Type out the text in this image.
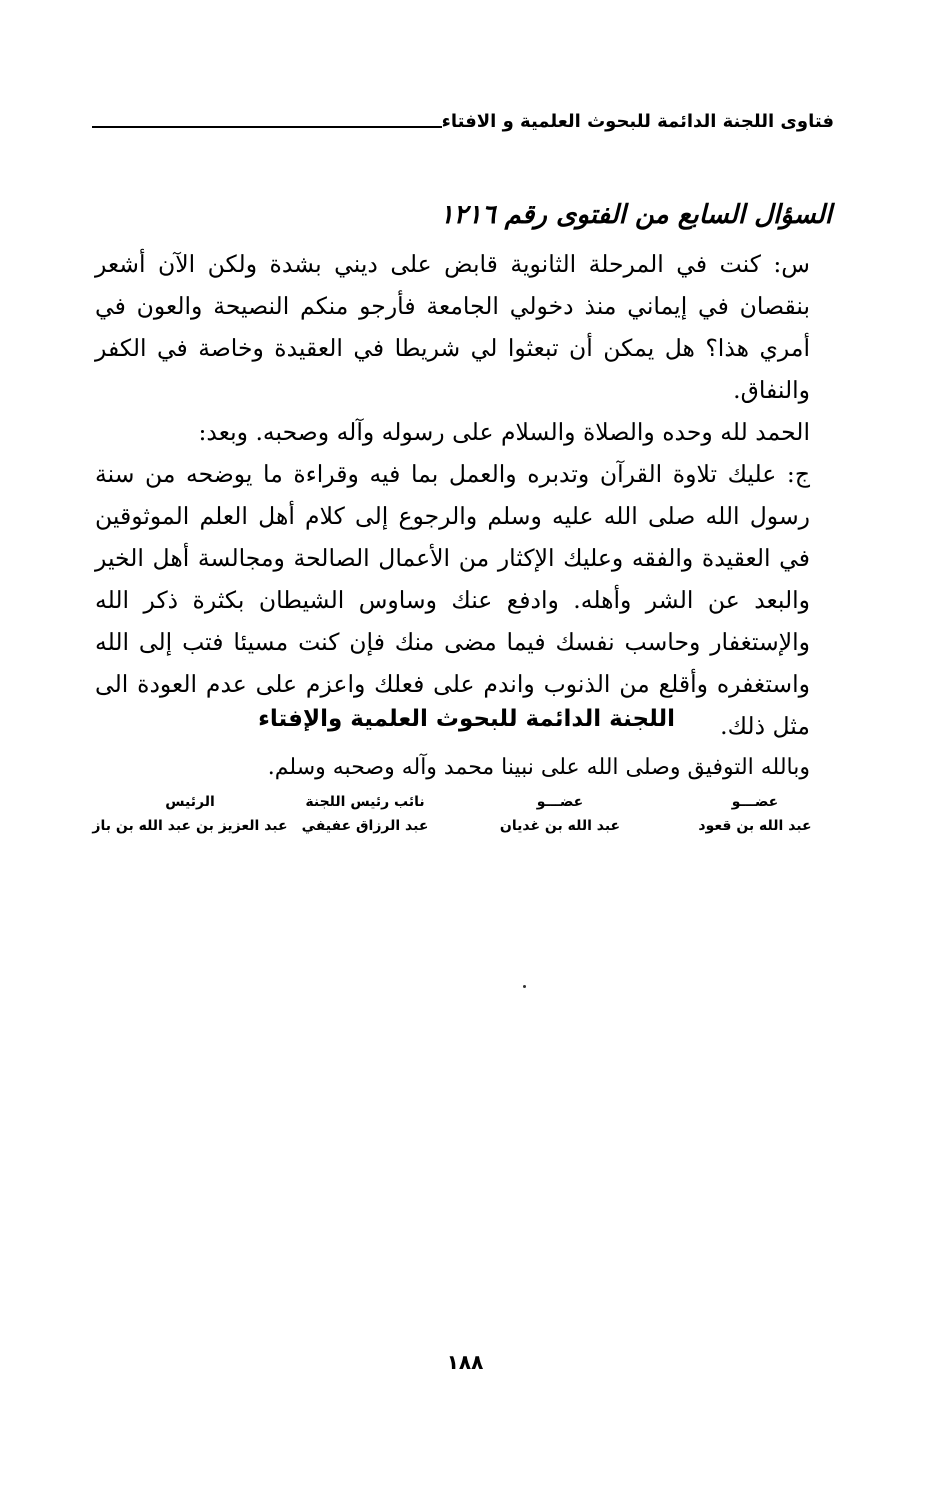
فتاوى اللجنة الدائمة للبحوث العلمية و الافتاء
السؤال السابع من الفتوى رقم ١٢١٦

س: كنت في المرحلة الثانوية قابض على ديني بشدة ولكن الآن أشعر بنقصان في إيماني منذ دخولي الجامعة فأرجو منكم النصيحة والعون في أمري هذا؟ هل يمكن أن تبعثوا لي شريطا في العقيدة وخاصة في الكفر والنفاق.

الحمد لله وحده والصلاة والسلام على رسوله وآله وصحبه. وبعد:

ج: عليك تلاوة القرآن وتدبره والعمل بما فيه وقراءة ما يوضحه من سنة رسول الله صلى الله عليه وسلم والرجوع إلى كلام أهل العلم الموثوقين في العقيدة والفقه وعليك الإكثار من الأعمال الصالحة ومجالسة أهل الخير والبعد عن الشر وأهله. وادفع عنك وساوس الشيطان بكثرة ذكر الله والإستغفار وحاسب نفسك فيما مضى منك فإن كنت مسيئا فتب إلى الله واستغفره وأقلع من الذنوب واندم على فعلك واعزم على عدم العودة الى مثل ذلك.

وبالله التوفيق وصلى الله على نبينا محمد وآله وصحبه وسلم.

اللجنة الدائمة للبحوث العلمية والإفتاء
عضـــو
عبد الله بن قعود
عضـــو
عبد الله بن غديان
نائب رئيس اللجنة
عبد الرزاق عفيفي
الرئيس
عبد العزيز بن عبد الله بن باز
١٨٨
